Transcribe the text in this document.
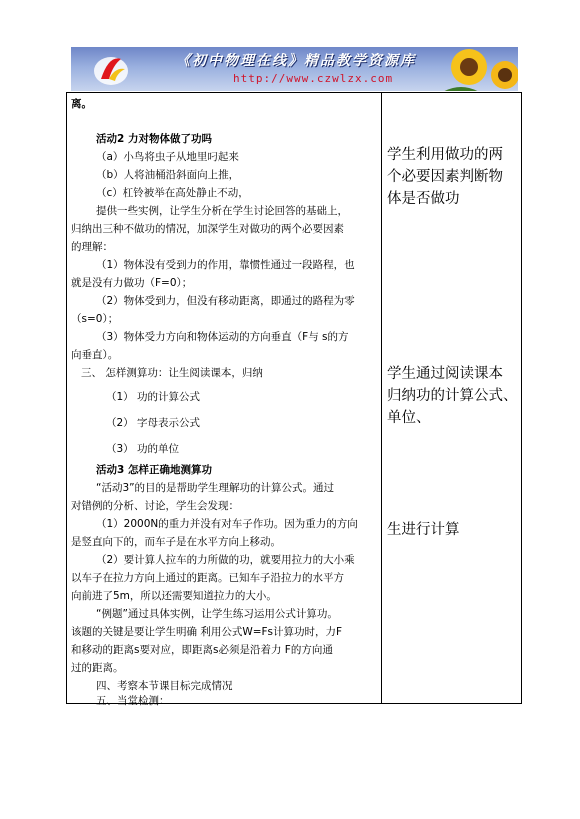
《初中物理在线》精品教学资源库
http://www.czwlzx.com
离。
活动2 力对物体做了功吗
（a）小鸟将虫子从地里叼起来
（b）人将油桶沿斜面向上推，
（c）杠铃被举在高处静止不动，
提供一些实例，让学生分析在学生讨论回答的基础上，
归纳出三种不做功的情况，加深学生对做功的两个必要因素
的理解：
（1）物体没有受到力的作用，靠惯性通过一段路程，也
就是没有力做功（F=0）；
（2）物体受到力，但没有移动距离，即通过的路程为零
（s=0）；
（3）物体受力方向和物体运动的方向垂直（F与 s的方
向垂直）。
三、 怎样测算功：让生阅读课本，归纳
（1） 功的计算公式
（2） 字母表示公式
（3） 功的单位
活动3 怎样正确地测算功
“活动3”的目的是帮助学生理解功的计算公式。通过
对错例的分析、讨论，学生会发现：
（1）2000N的重力并没有对车子作功。因为重力的方向
是竖直向下的，而车子是在水平方向上移动。
（2）要计算人拉车的力所做的功，就要用拉力的大小乘
以车子在拉力方向上通过的距离。已知车子沿拉力的水平方
向前进了5m，所以还需要知道拉力的大小。
“例题”通过具体实例，让学生练习运用公式计算功。
该题的关键是要让学生明确 利用公式W=Fs计算功时，力F
和移动的距离s要对应，即距离s必须是沿着力 F的方向通
过的距离。
四、考察本节课目标完成情况
五、当堂检测：
学生利用做功的两
个必要因素判断物
体是否做功
学生通过阅读课本
归纳功的计算公式、
单位、
生进行计算
